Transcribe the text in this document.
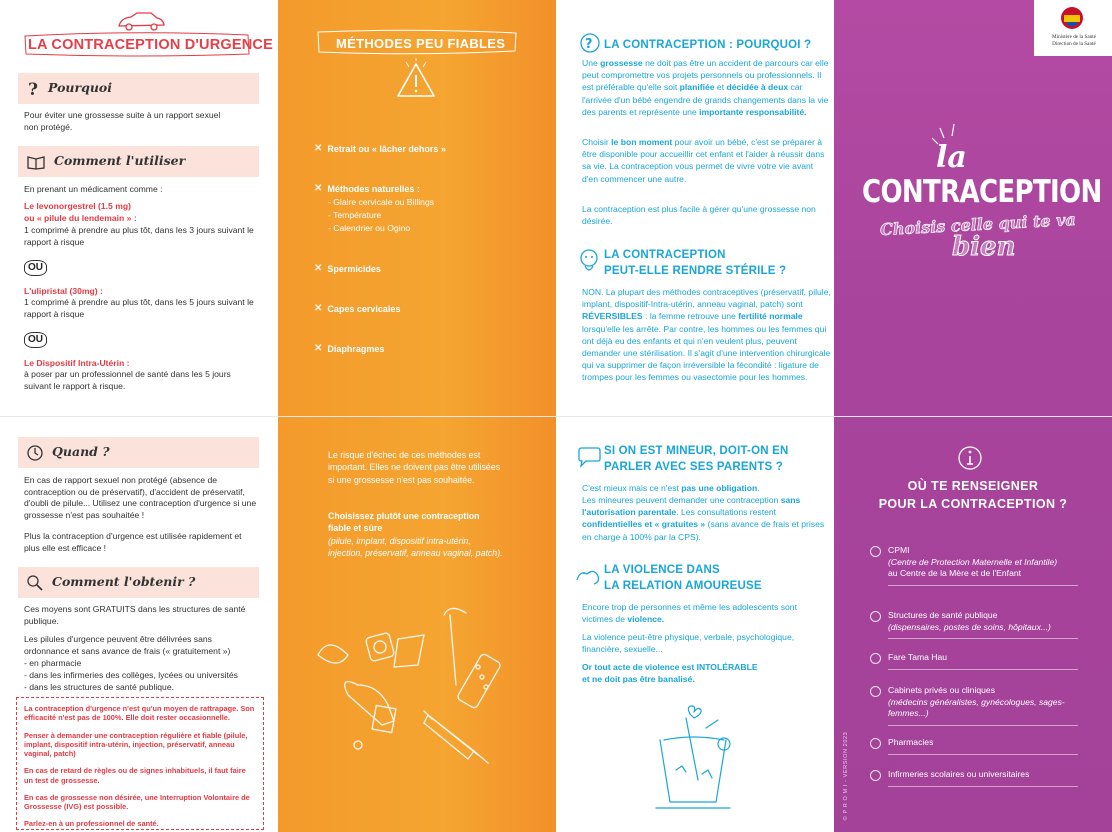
LA CONTRACEPTION D'URGENCE
? Pourquoi
Pour éviter une grossesse suite à un rapport sexuel non protégé.
Comment l'utiliser
En prenant un médicament comme :
Le levonorgestrel (1.5 mg)
ou « pilule du lendemain » :
1 comprimé à prendre au plus tôt, dans les 3 jours suivant le rapport à risque
OU
L'ulipristal (30mg) :
1 comprimé à prendre au plus tôt, dans les 5 jours suivant le rapport à risque
OU
Le Dispositif Intra-Utérin :
à poser par un professionnel de santé dans les 5 jours suivant le rapport à risque.
Quand ?
En cas de rapport sexuel non protégé (absence de contraception ou de préservatif), d'accident de préservatif, d'oubli de pilule... Utilisez une contraception d'urgence si une grossesse n'est pas souhaitée !
Plus la contraception d'urgence est utilisée rapidement et plus elle est efficace !
Comment l'obtenir ?
Ces moyens sont GRATUITS dans les structures de santé publique.
Les pilules d'urgence peuvent être délivrées sans ordonnance et sans avance de frais (« gratuitement »)
- en pharmacie
- dans les infirmeries des collèges, lycées ou universités
- dans les structures de santé publique.

La contraception d'urgence n'est qu'un moyen de rattrapage. Son efficacité n'est pas de 100%. Elle doit rester occasionnelle.

Penser à demander une contraception régulière et fiable (pilule, implant, dispositif intra-utérin, injection, préservatif, anneau vaginal, patch)

En cas de retard de règles ou de signes inhabituels, il faut faire un test de grossesse.

En cas de grossesse non désirée, une Interruption Volontaire de Grossesse (IVG) est possible.

Parlez-en à un professionnel de santé.

MÉTHODES PEU FIABLES
✕ Retrait ou « lâcher dehors »
✕ Méthodes naturelles :
- Glaire cervicale ou Billings
- Température
- Calendrier ou Ogino
✕ Spermicides
✕ Capes cervicales
✕ Diaphragmes
Le risque d'échec de ces méthodes est important. Elles ne doivent pas être utilisées si une grossesse n'est pas souhaitée.
Choisissez plutôt une contraception fiable et sûre
(pilule, implant, dispositif intra-utérin, injection, préservatif, anneau vaginal, patch).
? LA CONTRACEPTION : POURQUOI ?
Une grossesse ne doit pas être un accident de parcours car elle peut compromettre vos projets personnels ou professionnels. Il est préférable qu'elle soit planifiée et décidée à deux car l'arrivée d'un bébé engendre de grands changements dans la vie des parents et représente une importante responsabilité.
Choisir le bon moment pour avoir un bébé, c'est se préparer à être disponible pour accueillir cet enfant et l'aider à réussir dans sa vie. La contraception vous permet de vivre votre vie avant d'en commencer une autre.
La contraception est plus facile à gérer qu'une grossesse non désirée.
LA CONTRACEPTION
PEUT-ELLE RENDRE STÉRILE ?
NON. La plupart des méthodes contraceptives (préservatif, pilule, implant, dispositif-Intra-utérin, anneau vaginal, patch) sont RÉVERSIBLES : la femme retrouve une fertilité normale lorsqu'elle les arrête. Par contre, les hommes ou les femmes qui ont déjà eu des enfants et qui n'en veulent plus, peuvent demander une stérilisation. Il s'agit d'une intervention chirurgicale qui va supprimer de façon irréversible la fécondité : ligature de trompes pour les femmes ou vasectomie pour les hommes.
SI ON EST MINEUR, DOIT-ON EN
PARLER AVEC SES PARENTS ?
C'est mieux mais ce n'est pas une obligation.
Les mineures peuvent demander une contraception sans l'autorisation parentale. Les consultations restent confidentielles et « gratuites » (sans avance de frais et prises en charge à 100% par la CPS).
LA VIOLENCE DANS
LA RELATION AMOUREUSE
Encore trop de personnes et même les adolescents sont victimes de violence.
La violence peut-être physique, verbale, psychologique, financière, sexuelle...
Or tout acte de violence est INTOLÉRABLE
et ne doit pas être banalisé.
Ministère de la Santé
Direction de la Santé
la
CONTRACEPTION
Choisis celle qui te va
bien
OÙ TE RENSEIGNER
POUR LA CONTRACEPTION ?
CPMI
(Centre de Protection Maternelle et Infantile)
au Centre de la Mère et de l'Enfant
Structures de santé publique
(dispensaires, postes de soins, hôpitaux...)
Fare Tama Hau
Cabinets privés ou cliniques
(médecins généralistes, gynécologues, sages-femmes...)
Pharmacies
Infirmeries scolaires ou universitaires
© P R O M I - VERSION 2023
